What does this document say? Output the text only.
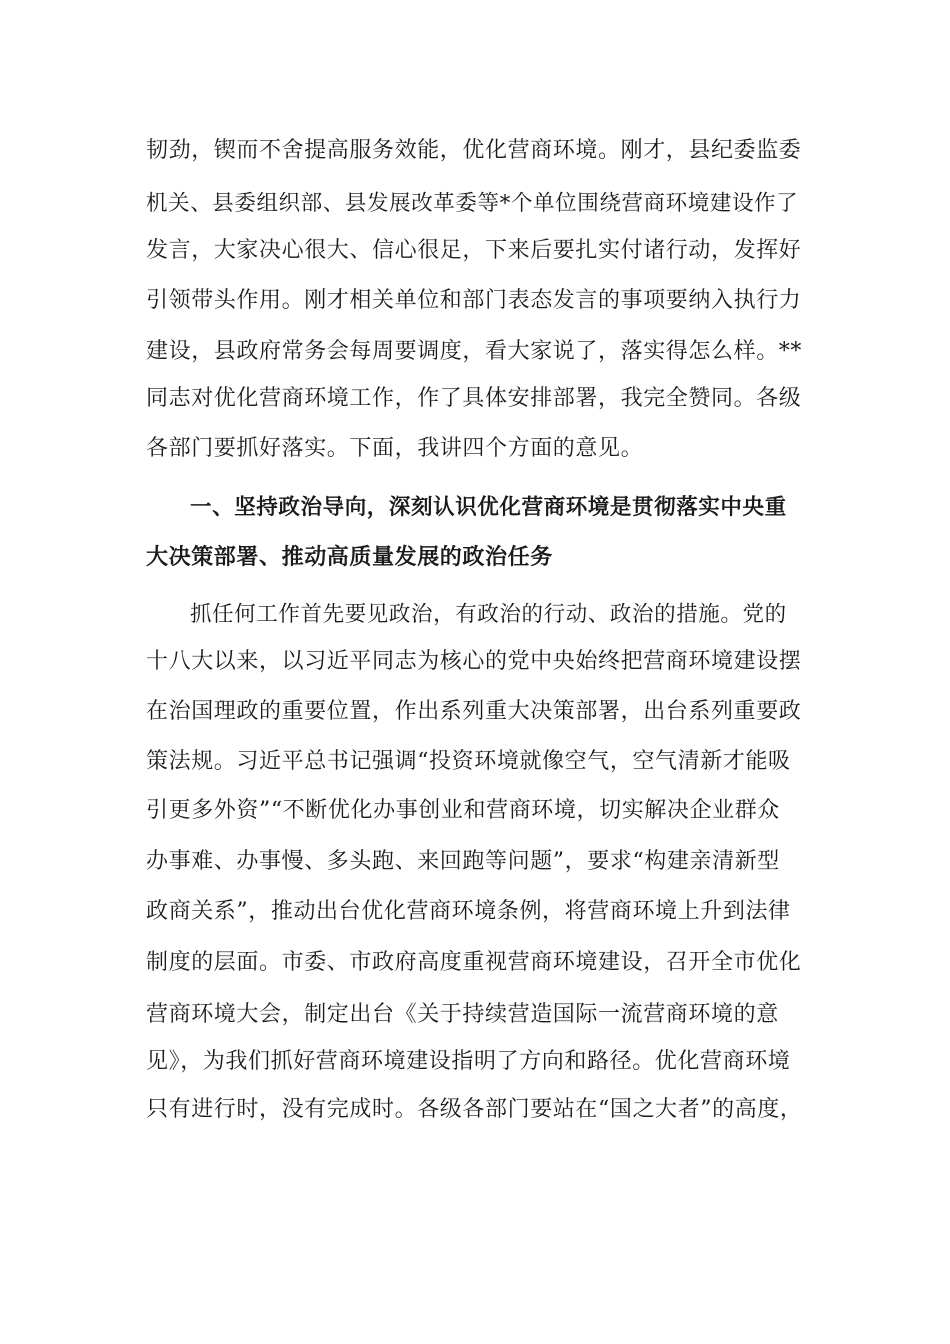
韧劲，锲而不舍提高服务效能，优化营商环境。刚才，县纪委监委
机关、县委组织部、县发展改革委等*个单位围绕营商环境建设作了
发言，大家决心很大、信心很足，下来后要扎实付诸行动，发挥好
引领带头作用。刚才相关单位和部门表态发言的事项要纳入执行力
建设，县政府常务会每周要调度，看大家说了，落实得怎么样。**
同志对优化营商环境工作，作了具体安排部署，我完全赞同。各级
各部门要抓好落实。下面，我讲四个方面的意见。
一、坚持政治导向，深刻认识优化营商环境是贯彻落实中央重
大决策部署、推动高质量发展的政治任务
抓任何工作首先要见政治，有政治的行动、政治的措施。党的
十八大以来，以习近平同志为核心的党中央始终把营商环境建设摆
在治国理政的重要位置，作出系列重大决策部署，出台系列重要政
策法规。习近平总书记强调“投资环境就像空气，空气清新才能吸
引更多外资”“不断优化办事创业和营商环境，切实解决企业群众
办事难、办事慢、多头跑、来回跑等问题”，要求“构建亲清新型
政商关系”，推动出台优化营商环境条例，将营商环境上升到法律
制度的层面。市委、市政府高度重视营商环境建设，召开全市优化
营商环境大会，制定出台《关于持续营造国际一流营商环境的意
见》，为我们抓好营商环境建设指明了方向和路径。优化营商环境
只有进行时，没有完成时。各级各部门要站在“国之大者”的高度，
